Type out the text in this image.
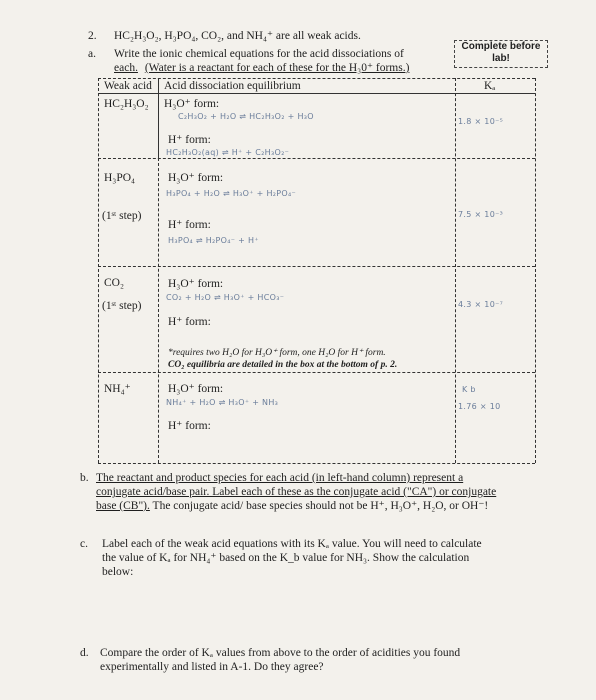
2. HC₂H₃O₂, H₃PO₄, CO₂, and NH₄⁺ are all weak acids.
a. Write the ionic chemical equations for the acid dissociations of
each. (Water is a reactant for each of these for the H₃0⁺ forms.)
Complete before lab!
Weak acid Acid dissociation equilibrium	Kₐ
HC₂H₃O₂ H₃O⁺ form:
C₂H₃O₂ + H₂O ⇌ HC₂H₃O₂ + H₃O
H⁺ form:
HC₂H₃O₂(aq) ⇌ H⁺ + C₂H₃O₂⁻
1.8 × 10⁻⁵
H₃PO₄
(1ˢᵗ step)
H₃O⁺ form:
H₃PO₄ + H₂O ⇌ H₃O⁺ + H₂PO₄⁻
H⁺ form:
H₃PO₄ ⇌ H₂PO₄⁻ + H⁺
7.5 × 10⁻³
CO₂
(1ˢᵗ step)
H₃O⁺ form:
CO₂ + H₂O ⇌ H₃O⁺ + HCO₃⁻
H⁺ form:
*requires two H₂O for H₃O⁺ form, one H₂O for H⁺ form.
CO₂ equilibria are detailed in the box at the bottom of p. 2.
4.3 × 10⁻⁷
NH₄⁺	H₃O⁺ form:
NH₄⁺ + H₂O ⇌ H₃O⁺ + NH₃
H⁺ form:
K b
1.76 × 10
b. The reactant and product species for each acid (in left-hand column) represent a
conjugate acid/base pair. Label each of these as the conjugate acid ("CA") or conjugate
base (CB"). The conjugate acid/ base species should not be H⁺, H₃O⁺, H₂O, or OH⁻!
c. Label each of the weak acid equations with its Kₐ value. You will need to calculate
the value of Kₐ for NH₄⁺ based on the K_b value for NH₃. Show the calculation
below:
d. Compare the order of Kₐ values from above to the order of acidities you found
experimentally and listed in A-1. Do they agree?
